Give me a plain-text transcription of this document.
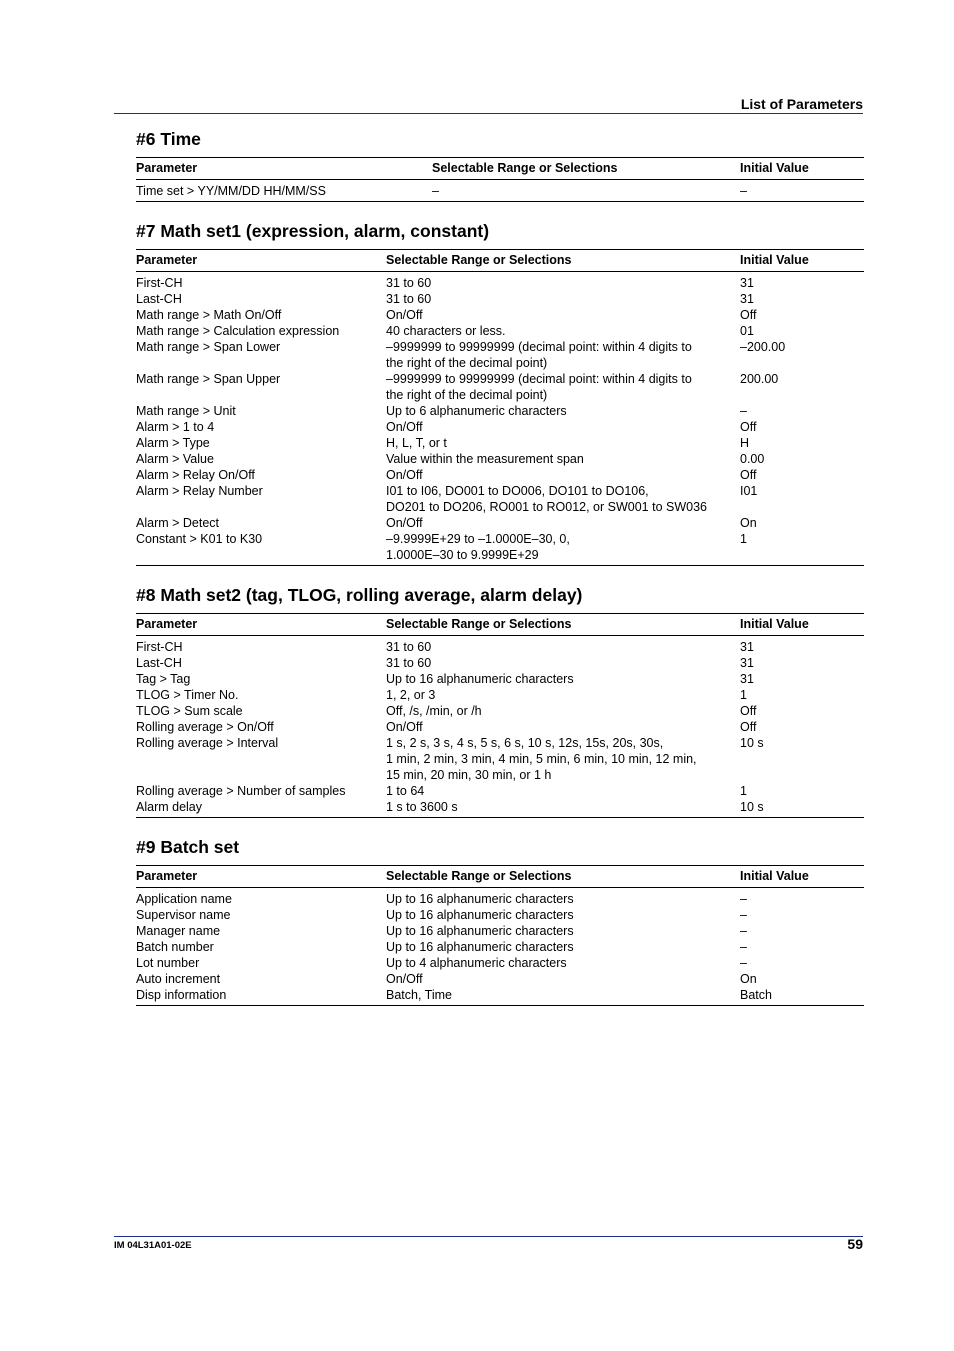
List of Parameters
#6 Time
Parameter	Selectable Range or Selections	Initial Value
Time set > YY/MM/DD HH/MM/SS	–	–
#7 Math set1 (expression, alarm, constant)
Parameter	Selectable Range or Selections	Initial Value
First-CH	31 to 60	31
Last-CH	31 to 60	31
Math range > Math On/Off	On/Off	Off
Math range > Calculation expression	40 characters or less.	01
Math range > Span Lower	–9999999 to 99999999 (decimal point: within 4 digits to
the right of the decimal point)	–200.00
Math range > Span Upper	–9999999 to 99999999 (decimal point: within 4 digits to
the right of the decimal point)	200.00
Math range > Unit	Up to 6 alphanumeric characters	–
Alarm > 1 to 4	On/Off	Off
Alarm > Type	H, L, T, or t	H
Alarm > Value	Value within the measurement span	0.00
Alarm > Relay On/Off	On/Off	Off
Alarm > Relay Number	I01 to I06, DO001 to DO006, DO101 to DO106,
DO201 to DO206, RO001 to RO012, or SW001 to SW036	I01
Alarm > Detect	On/Off	On
Constant > K01 to K30	–9.9999E+29 to –1.0000E–30, 0,
1.0000E–30 to 9.9999E+29	1
#8 Math set2 (tag, TLOG, rolling average, alarm delay)
Parameter	Selectable Range or Selections	Initial Value
First-CH	31 to 60	31
Last-CH	31 to 60	31
Tag > Tag	Up to 16 alphanumeric characters	31
TLOG > Timer No.	1, 2, or 3	1
TLOG > Sum scale	Off, /s, /min, or /h	Off
Rolling average > On/Off	On/Off	Off
Rolling average > Interval	1 s, 2 s, 3 s, 4 s, 5 s, 6 s, 10 s, 12s, 15s, 20s, 30s,
1 min, 2 min, 3 min, 4 min, 5 min, 6 min, 10 min, 12 min,
15 min, 20 min, 30 min, or 1 h	10 s
Rolling average > Number of samples	1 to 64	1
Alarm delay	1 s to 3600 s	10 s
#9 Batch set
Parameter	Selectable Range or Selections	Initial Value
Application name	Up to 16 alphanumeric characters	–
Supervisor name	Up to 16 alphanumeric characters	–
Manager name	Up to 16 alphanumeric characters	–
Batch number	Up to 16 alphanumeric characters	–
Lot number	Up to 4 alphanumeric characters	–
Auto increment	On/Off	On
Disp information	Batch, Time	Batch
IM 04L31A01-02E	59
